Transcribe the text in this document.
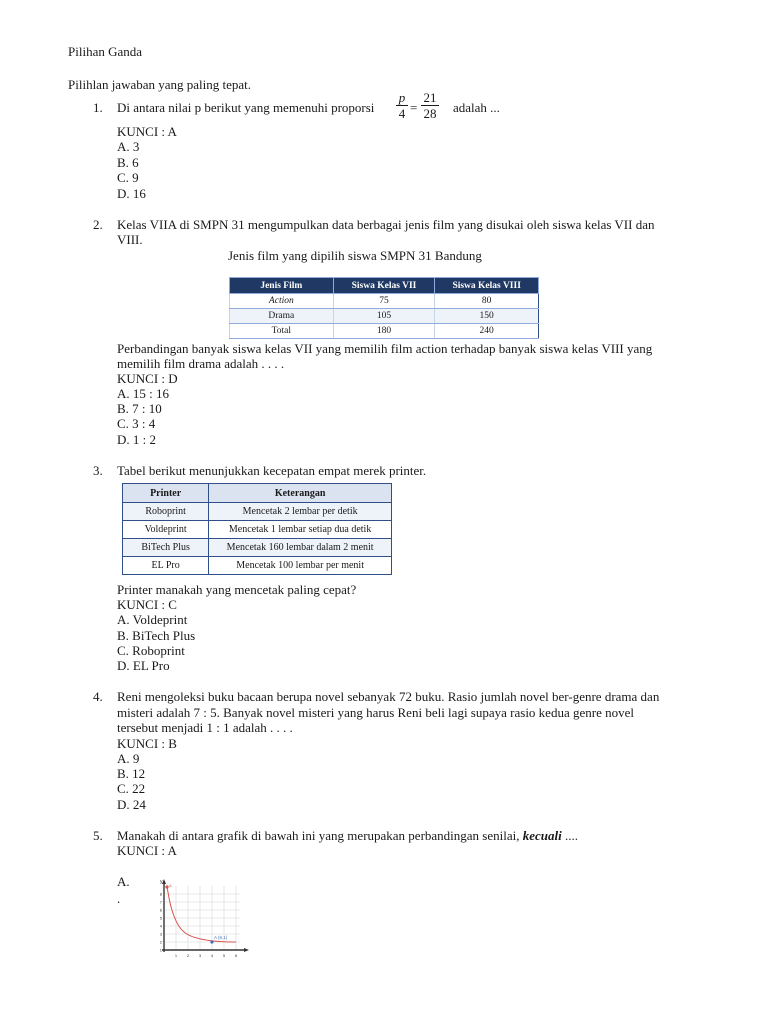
Pilihan Ganda
Pilihlan jawaban yang paling tepat.
1. Di antara nilai p berikut yang memenuhi proporsi
p
4 =
21
28 adalah ...
KUNCI : A
A. 3
B. 6
C. 9
D. 16
2. Kelas VIIA di SMPN 31 mengumpulkan data berbagai jenis film yang disukai oleh siswa kelas VII dan
VIII.
Jenis film yang dipilih siswa SMPN 31 Bandung
Jenis Film	Siswa Kelas VII	Siswa Kelas VIII
Action	75	80
Drama	105	150
Total	180	240
Perbandingan banyak siswa kelas VII yang memilih film action terhadap banyak siswa kelas VIII yang
memilih film drama adalah . . . .
KUNCI : D
A. 15 : 16
B. 7 : 10
C. 3 : 4
D. 1 : 2
3. Tabel berikut menunjukkan kecepatan empat merek printer.
Printer	Keterangan
Roboprint	Mencetak 2 lembar per detik
Voldeprint	Mencetak 1 lembar setiap dua detik
BiTech Plus	Mencetak 160 lembar dalam 2 menit
EL Pro	Mencetak 100 lembar per menit
Printer manakah yang mencetak paling cepat?
KUNCI : C
A. Voldeprint
B. BiTech Plus
C. Roboprint
D. EL Pro
4. Reni mengoleksi buku bacaan berupa novel sebanyak 72 buku. Rasio jumlah novel ber-genre drama dan
misteri adalah 7 : 5. Banyak novel misteri yang harus Reni beli lagi supaya rasio kedua genre novel
tersebut menjadi 1 : 1 adalah . . . .
KUNCI : B
A. 9
B. 12
C. 22
D. 24
5. Manakah di antara grafik di bawah ini yang merupakan perbandingan senilai, kecuali ....
KUNCI : A
A.
.
A
A (6,1)
y
8
7
6
5
4
3
2
1
1 2 3 4 5 6
